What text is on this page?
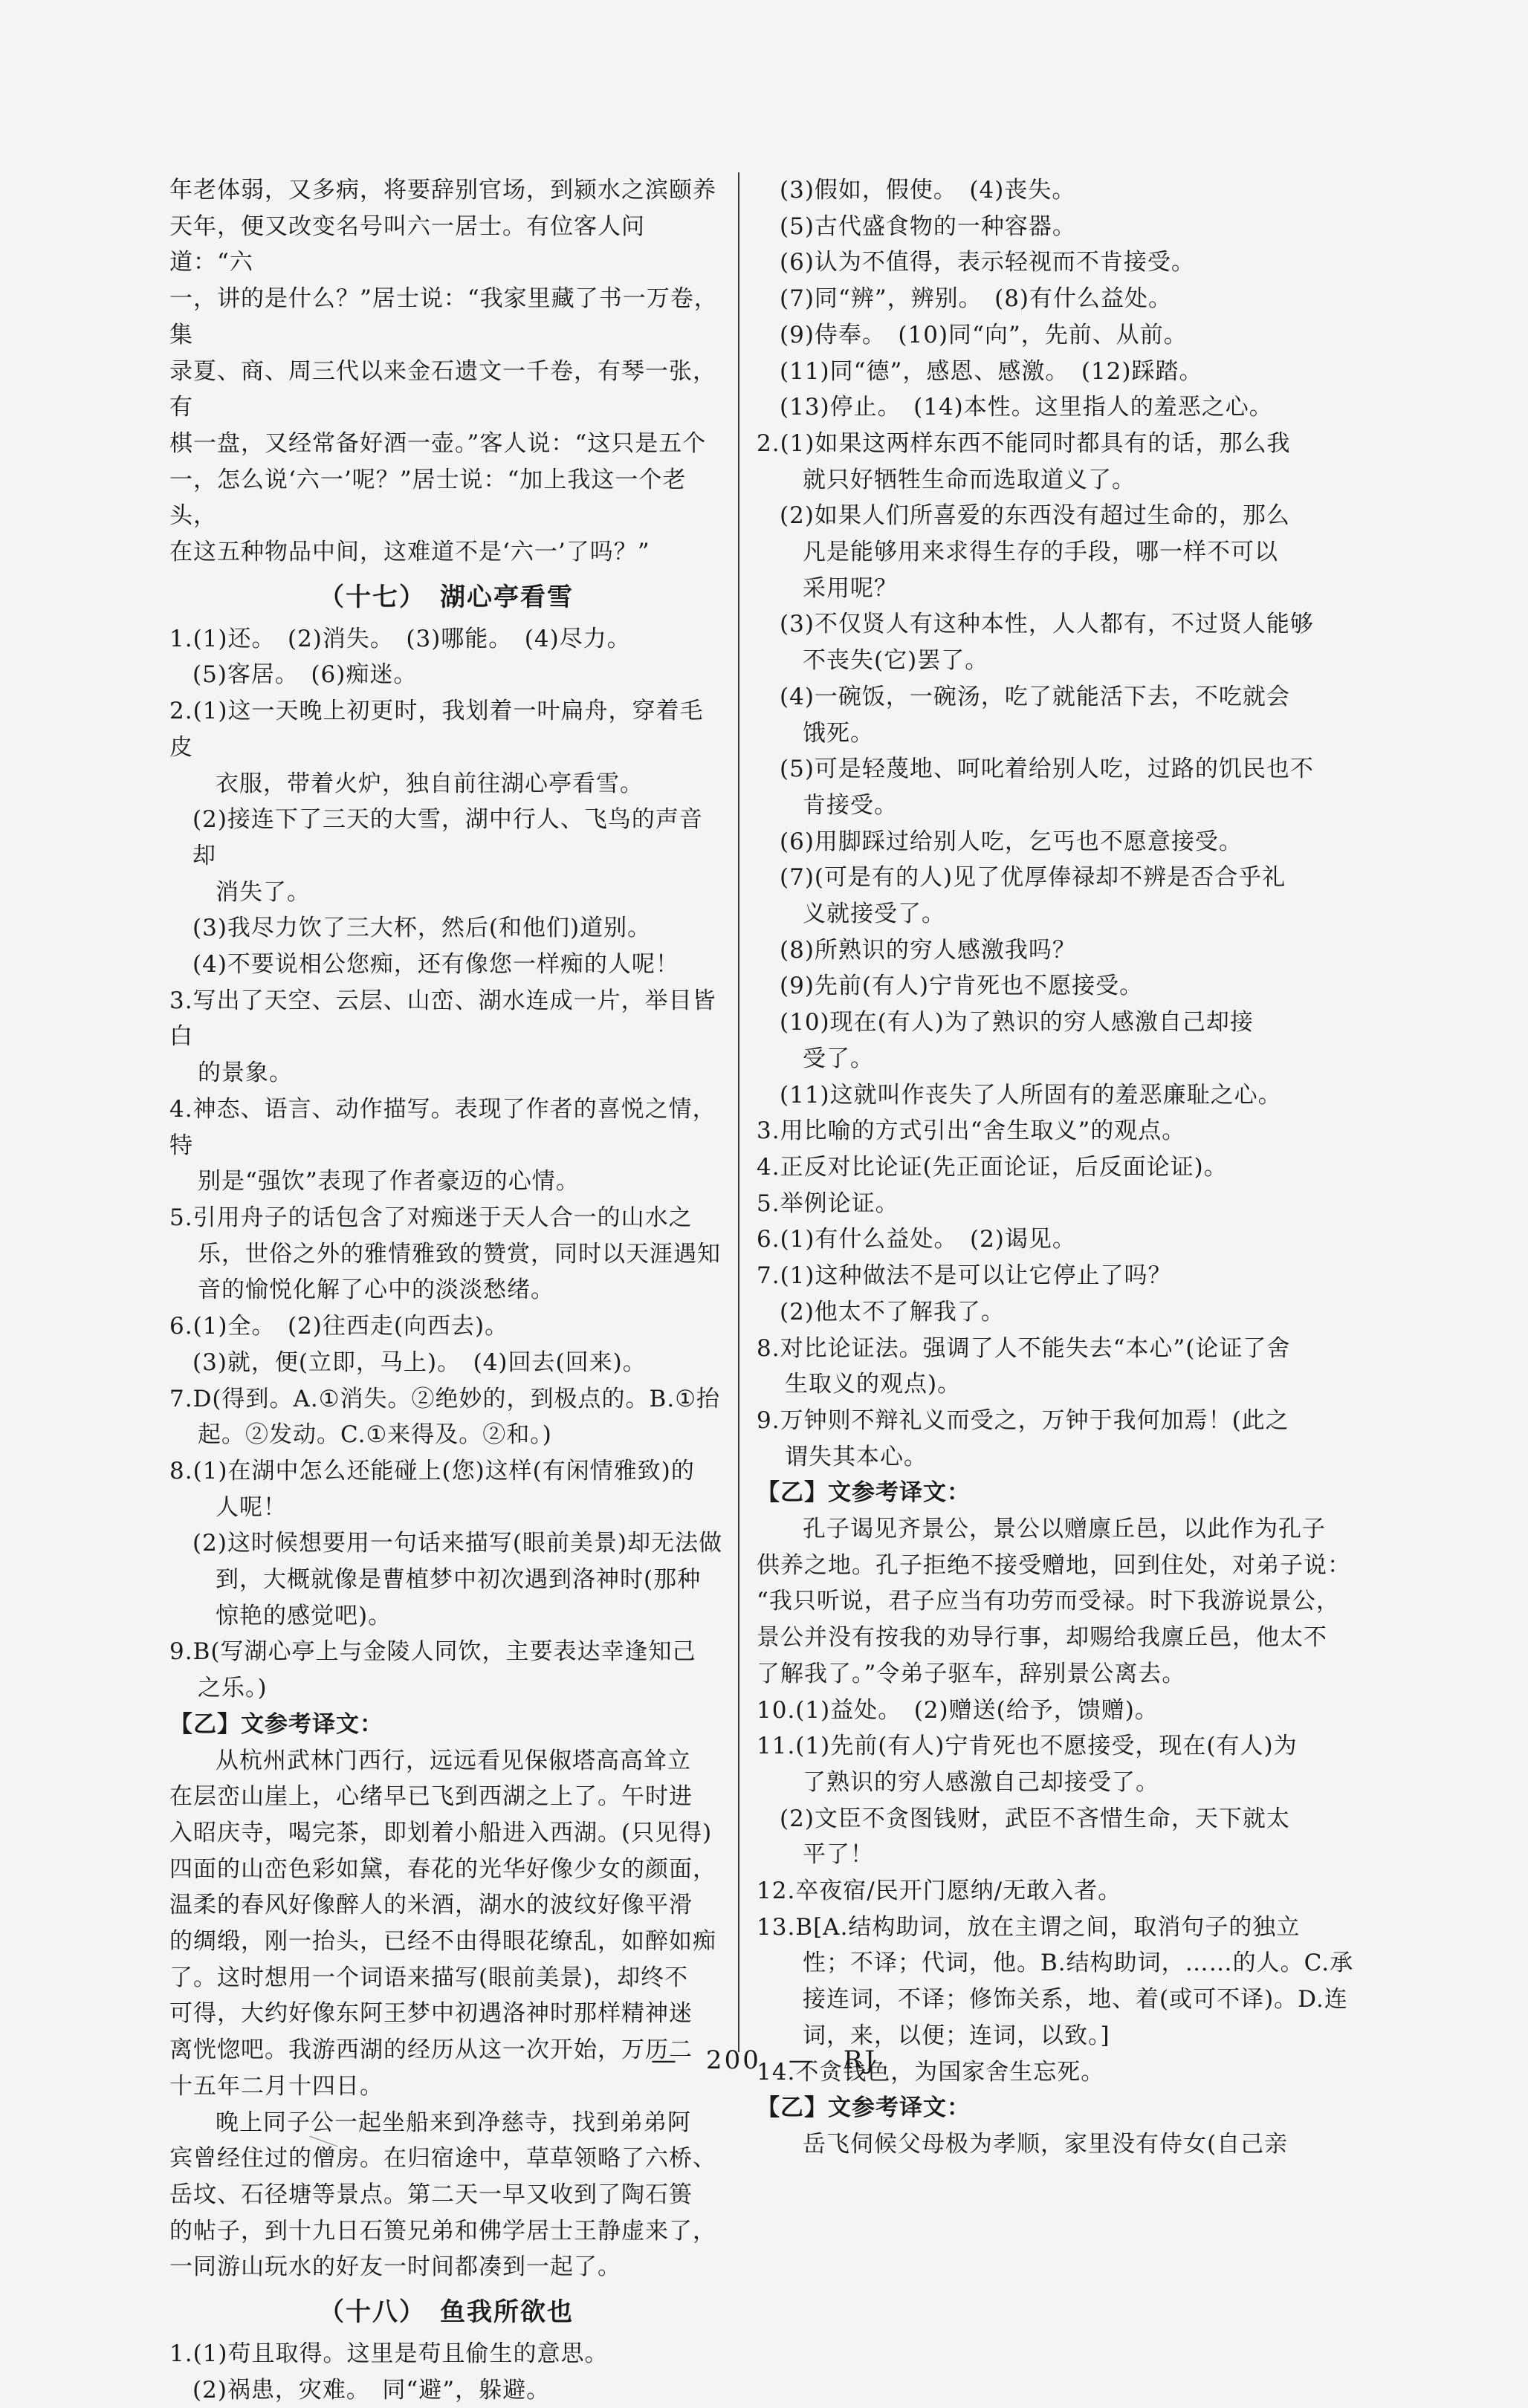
年老体弱，又多病，将要辞别官场，到颍水之滨颐养
天年，便又改变名号叫六一居士。有位客人问道：“六
一，讲的是什么？”居士说：“我家里藏了书一万卷，集
录夏、商、周三代以来金石遗文一千卷，有琴一张，有
棋一盘，又经常备好酒一壶。”客人说：“这只是五个
一，怎么说‘六一’呢？”居士说：“加上我这一个老头，
在这五种物品中间，这难道不是‘六一’了吗？”
（十七）　湖心亭看雪
1.(1)还。　(2)消失。　(3)哪能。　(4)尽力。
(5)客居。　(6)痴迷。
2.(1)这一天晚上初更时，我划着一叶扁舟，穿着毛皮
衣服，带着火炉，独自前往湖心亭看雪。
(2)接连下了三天的大雪，湖中行人、飞鸟的声音却
消失了。
(3)我尽力饮了三大杯，然后(和他们)道别。
(4)不要说相公您痴，还有像您一样痴的人呢！
3.写出了天空、云层、山峦、湖水连成一片，举目皆白
的景象。
4.神态、语言、动作描写。表现了作者的喜悦之情，特
别是“强饮”表现了作者豪迈的心情。
5.引用舟子的话包含了对痴迷于天人合一的山水之
乐，世俗之外的雅情雅致的赞赏，同时以天涯遇知
音的愉悦化解了心中的淡淡愁绪。
6.(1)全。　(2)往西走(向西去)。
(3)就，便(立即，马上)。　(4)回去(回来)。
7.D(得到。A.①消失。②绝妙的，到极点的。B.①抬
起。②发动。C.①来得及。②和。)
8.(1)在湖中怎么还能碰上(您)这样(有闲情雅致)的
人呢！
(2)这时候想要用一句话来描写(眼前美景)却无法做
到，大概就像是曹植梦中初次遇到洛神时(那种
惊艳的感觉吧)。
9.B(写湖心亭上与金陵人同饮，主要表达幸逢知己
之乐。)
【乙】文参考译文：
从杭州武林门西行，远远看见保俶塔高高耸立
在层峦山崖上，心绪早已飞到西湖之上了。午时进
入昭庆寺，喝完茶，即划着小船进入西湖。(只见得)
四面的山峦色彩如黛，春花的光华好像少女的颜面，
温柔的春风好像醉人的米酒，湖水的波纹好像平滑
的绸缎，刚一抬头，已经不由得眼花缭乱，如醉如痴
了。这时想用一个词语来描写(眼前美景)，却终不
可得，大约好像东阿王梦中初遇洛神时那样精神迷
离恍惚吧。我游西湖的经历从这一次开始，万历二
十五年二月十四日。
晚上同子公一起坐船来到净慈寺，找到弟弟阿
宾曾经住过的僧房。在归宿途中，草草领略了六桥、
岳坟、石径塘等景点。第二天一早又收到了陶石篑
的帖子，到十九日石篑兄弟和佛学居士王静虚来了，
一同游山玩水的好友一时间都凑到一起了。
（十八）　鱼我所欲也
1.(1)苟且取得。这里是苟且偷生的意思。
(2)祸患，灾难。　同“避”，躲避。
(3)假如，假使。　(4)丧失。
(5)古代盛食物的一种容器。
(6)认为不值得，表示轻视而不肯接受。
(7)同“辨”，辨别。　(8)有什么益处。
(9)侍奉。　(10)同“向”，先前、从前。
(11)同“德”，感恩、感激。　(12)踩踏。
(13)停止。　(14)本性。这里指人的羞恶之心。
2.(1)如果这两样东西不能同时都具有的话，那么我
就只好牺牲生命而选取道义了。
(2)如果人们所喜爱的东西没有超过生命的，那么
凡是能够用来求得生存的手段，哪一样不可以
采用呢？
(3)不仅贤人有这种本性，人人都有，不过贤人能够
不丧失(它)罢了。
(4)一碗饭，一碗汤，吃了就能活下去，不吃就会
饿死。
(5)可是轻蔑地、呵叱着给别人吃，过路的饥民也不
肯接受。
(6)用脚踩过给别人吃，乞丐也不愿意接受。
(7)(可是有的人)见了优厚俸禄却不辨是否合乎礼
义就接受了。
(8)所熟识的穷人感激我吗？
(9)先前(有人)宁肯死也不愿接受。
(10)现在(有人)为了熟识的穷人感激自己却接
受了。
(11)这就叫作丧失了人所固有的羞恶廉耻之心。
3.用比喻的方式引出“舍生取义”的观点。
4.正反对比论证(先正面论证，后反面论证)。
5.举例论证。
6.(1)有什么益处。　(2)谒见。
7.(1)这种做法不是可以让它停止了吗？
(2)他太不了解我了。
8.对比论证法。强调了人不能失去“本心”(论证了舍
生取义的观点)。
9.万钟则不辩礼义而受之，万钟于我何加焉！(此之
谓失其本心。
【乙】文参考译文：
孔子谒见齐景公，景公以赠廪丘邑，以此作为孔子
供养之地。孔子拒绝不接受赠地，回到住处，对弟子说：
“我只听说，君子应当有功劳而受禄。时下我游说景公，
景公并没有按我的劝导行事，却赐给我廪丘邑，他太不
了解我了。”令弟子驱车，辞别景公离去。
10.(1)益处。　(2)赠送(给予，馈赠)。
11.(1)先前(有人)宁肯死也不愿接受，现在(有人)为
了熟识的穷人感激自己却接受了。
(2)文臣不贪图钱财，武臣不吝惜生命，天下就太
平了！
12.卒夜宿/民开门愿纳/无敢入者。
13.B[A.结构助词，放在主谓之间，取消句子的独立
性；不译；代词，他。B.结构助词，……的人。C.承
接连词，不译；修饰关系，地、着(或可不译)。D.连
词，来，以便；连词，以致。]
14.不贪钱色，为国家舍生忘死。
【乙】文参考译文：
岳飞伺候父母极为孝顺，家里没有侍女(自己亲
—　200　—　RJ
